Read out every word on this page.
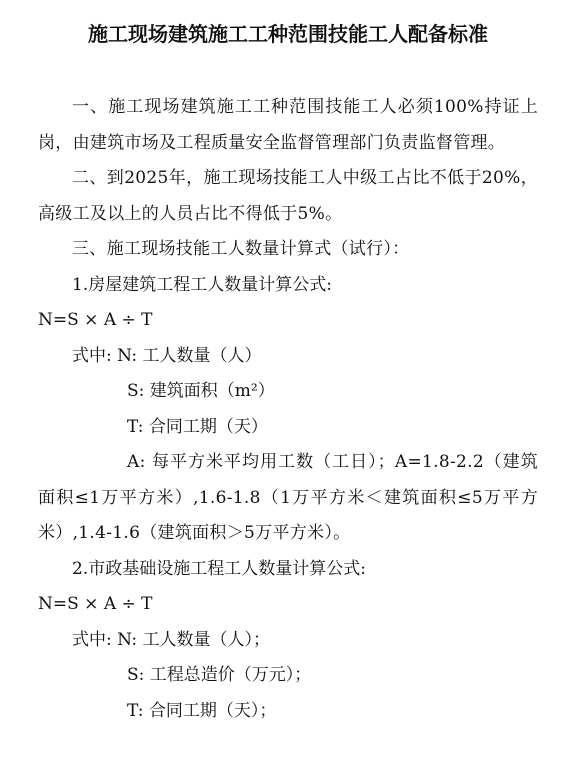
施工现场建筑施工工种范围技能工人配备标准

一、施工现场建筑施工工种范围技能工人必须100%持证上岗，由建筑市场及工程质量安全监督管理部门负责监督管理。

二、到2025年，施工现场技能工人中级工占比不低于20%，高级工及以上的人员占比不得低于5%。

三、施工现场技能工人数量计算式（试行）：

1.房屋建筑工程工人数量计算公式:

N=S × A ÷ T

式中: N: 工人数量（人）

S: 建筑面积（m²）

T: 合同工期（天）

A: 每平方米平均用工数（工日）；A=1.8-2.2（建筑面积≤1万平方米）,1.6-1.8（1万平方米＜建筑面积≤5万平方米）,1.4-1.6（建筑面积＞5万平方米）。

2.市政基础设施工程工人数量计算公式:

N=S × A ÷ T

式中: N: 工人数量（人）；

S: 工程总造价（万元）；

T: 合同工期（天）；
